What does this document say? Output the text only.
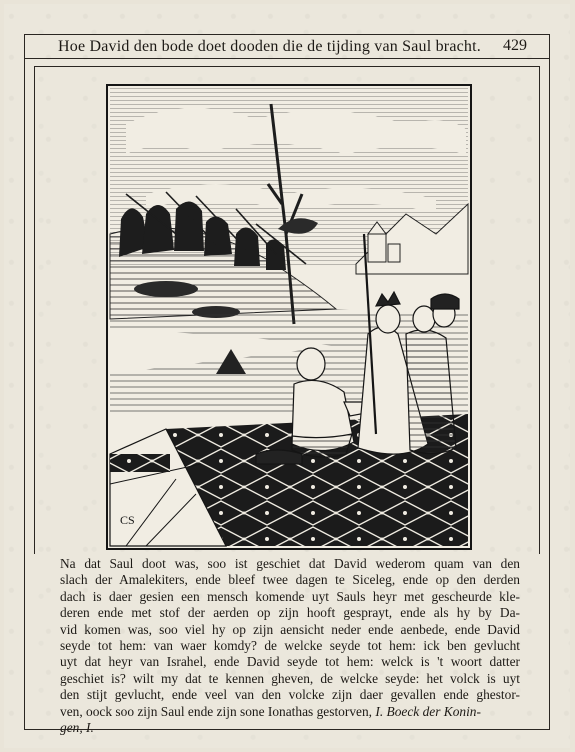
Hoe David den bode doet dooden die de tijding van Saul bracht. 429
CS
Na dat Saul doot was, soo ist geschiet dat David wederom quam van den
slach der Amalekiters, ende bleef twee dagen te Siceleg, ende op den derden
dach is daer gesien een mensch komende uyt Sauls heyr met gescheurde kle-
deren ende met stof der aerden op zijn hooft gesprayt, ende als hy by Da-
vid komen was, soo viel hy op zijn aensicht neder ende aenbede, ende David
seyde tot hem: van waer komdy? de welcke seyde tot hem: ick ben gevlucht
uyt dat heyr van Israhel, ende David seyde tot hem: welck is 't woort datter
geschiet is? wilt my dat te kennen gheven, de welcke seyde: het volck is uyt
den stijt gevlucht, ende veel van den volcke zijn daer gevallen ende ghestor-
ven, oock soo zijn Saul ende zijn sone Ionathas gestorven, I. Boeck der Konin-
gen, I.
